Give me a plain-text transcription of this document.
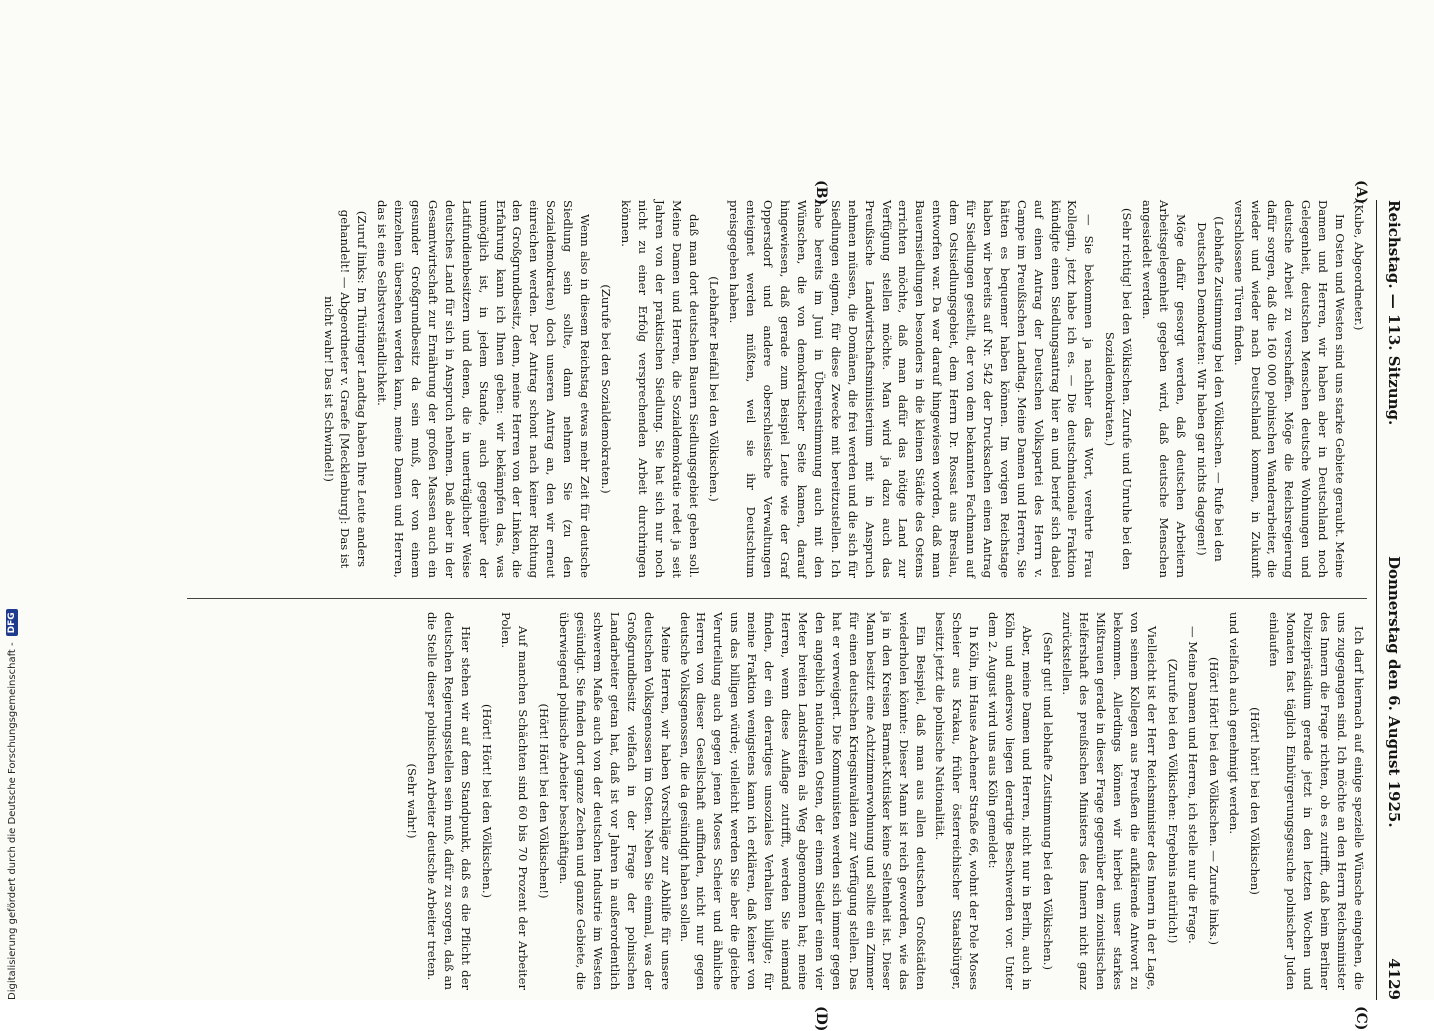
Reichstag. — 113. Sitzung.
Donnerstag den 6. August 1925.
4129
(A)
(B)
(C)
(D)

(Kube, Abgeordneter.)

Im Osten und Westen sind uns starke Gebiete geraubt. Meine Damen und Herren, wir haben aber in Deutschland noch Gelegenheit, deutschen Menschen deutsche Wohnungen und deutsche Arbeit zu verschaffen. Möge die Reichsregierung dafür sorgen, daß die 160 000 polnischen Wanderarbeiter, die wieder und wieder nach Deutschland kommen, in Zukunft verschlossene Türen finden.

(Lebhafte Zustimmung bei den Völkischen. — Rufe bei den Deutschen Demokraten: Wir haben gar nichts dagegen!)

Möge dafür gesorgt werden, daß deutschen Arbeitern Arbeitsgelegenheit gegeben wird, daß deutsche Menschen angesiedelt werden.

(Sehr richtig! bei den Völkischen. Zurufe und Unruhe bei den Sozialdemokraten.)

— Sie bekommen ja nachher das Wort, verehrte Frau Kollegin, jetzt habe ich es. — Die deutschnationale Fraktion kündigte einen Siedlungsantrag hier an und berief sich dabei auf einen Antrag der Deutschen Volkspartei des Herrn v. Campe im Preußischen Landtag. Meine Damen und Herren, Sie hätten es bequemer haben können. Im vorigen Reichstage haben wir bereits auf Nr. 542 der Drucksachen einen Antrag für Siedlungen gestellt, der von dem bekannten Fachmann auf dem Ostsiedlungsgebiet, dem Herrn Dr. Rossat aus Breslau, entworfen war. Da war darauf hingewiesen worden, daß man Bauernsiedlungen besonders in die kleinen Städte des Ostens errichten möchte, daß man dafür das nötige Land zur Verfügung stellen möchte. Man wird ja dazu auch das Preußische Landwirtschaftsministerium mit in Anspruch nehmen müssen, die Domänen, die frei werden und die sich für Siedlungen eignen, für diese Zwecke mit bereitzustellen. Ich habe bereits im Juni in Übereinstimmung auch mit den Wünschen, die von demokratischer Seite kamen, darauf hingewiesen, daß gerade zum Beispiel Leute wie der Graf Oppersdorf und andere oberschlesische Verwaltungen enteignet werden müßten, weil sie ihr Deutschtum preisgegeben haben.

(Lebhafter Beifall bei den Völkischen.)

daß man dort deutschen Bauern Siedlungsgebiet geben soll. Meine Damen und Herren, die Sozialdemokratie redet ja seit Jahren von der praktischen Siedlung. Sie hat sich nur noch nicht zu einer Erfolg versprechenden Arbeit durchringen können.

(Zurufe bei den Sozialdemokraten.)

Wenn also in diesem Reichstag etwas mehr Zeit für deutsche Siedlung sein sollte, dann nehmen Sie (zu den Sozialdemokraten) doch unseren Antrag an, den wir erneut einreichen werden. Der Antrag schont nach keiner Richtung den Großgrundbesitz, denn, meine Herren von der Linken, die Erfahrung kann ich Ihnen geben: wir bekämpfen das, was unmöglich ist, in jedem Stande, auch gegenüber der Latifundienbesitzern und denen, die in unerträglicher Weise deutsches Land für sich in Anspruch nehmen. Daß aber in der Gesamtwirtschaft zur Ernährung der großen Massen auch ein gesunder Großgrundbesitz da sein muß, der von einem einzelnen übersehen werden kann, meine Damen und Herren, das ist eine Selbstverständlichkeit.

(Zuruf links: Im Thüringer Landtag haben Ihre Leute anders gehandelt! — Abgeordneter v. Graefe [Mecklenburg]: Das ist nicht wahr! Das ist Schwindel!)

Ich darf hiernach auf einige spezielle Wünsche eingehen, die uns zugegangen sind. Ich möchte an den Herrn Reichsminister des Innern die Frage richten, ob es zutrifft, daß beim Berliner Polizeipräsidium gerade jetzt in den letzten Wochen und Monaten fast täglich Einbürgerungsgesuche polnischer Juden einlaufen

(Hört! hört! bei den Völkischen)

und vielfach auch genehmigt werden.

(Hört! Hört! bei den Völkischen. — Zurufe links.)

— Meine Damen und Herren, ich stelle nur die Frage.

(Zurufe bei den Völkischen: Ergebnis natürlich!)

Vielleicht ist der Herr Reichsminister des Innern in der Lage, von seinem Kollegen aus Preußen die aufklärende Antwort zu bekommen. Allerdings können wir hierbei unser starkes Mißtrauen gerade in dieser Frage gegenüber dem zionistischen Helfershaft des preußischen Ministers des Innern nicht ganz zurückstellen.

(Sehr gut! und lebhafte Zustimmung bei den Völkischen.)

Aber, meine Damen und Herren, nicht nur in Berlin, auch in Köln und anderswo liegen derartige Beschwerden vor. Unter dem 2. August wird uns aus Köln gemeldet:

In Köln, im Hause Aachener Straße 66, wohnt der Pole Moses Scheier aus Krakau, früher österreichischer Staatsbürger, besitzt jetzt die polnische Nationalität.

Ein Beispiel, daß man aus allen deutschen Großstädten wiederholen könnte: Dieser Mann ist reich geworden, wie das ja in den Kreisen Barmat-Kutisker keine Seltenheit ist. Dieser Mann besitzt eine Achtzimmerwohnung und sollte ein Zimmer für einen deutschen Kriegsinvaliden zur Verfügung stellen. Das hat er verweigert. Die Kommunisten werden sich immer gegen den angeblich nationalen Osten, der einem Siedler einen vier Meter breiten Landstreifen als Weg abgenommen hat; meine Herren, wenn diese Auflage zutrifft, werden Sie niemand finden, der ein derartiges unsoziales Verhalten billigte; für meine Fraktion wenigstens kann ich erklären, daß keiner von uns das billigen würde; vielleicht werden Sie aber die gleiche Verurteilung auch gegen jenen Moses Scheier und ähnliche Herren von dieser Gesellschaft auffinden, nicht nur gegen deutsche Volksgenossen, die da gesündigt haben sollen.

Meine Herren, wir haben Vorschläge zur Abhilfe für unsere deutschen Volksgenossen im Osten. Neben Sie einmal, was der Großgrundbesitz vielfach in der Frage der polnischen Landarbeiter getan hat, daß ist vor Jahren in außerordentlich schwerem Maße auch von der deutschen Industrie im Westen gesündigt. Sie finden dort ganze Zechen und ganze Gebiete, die überwiegend polnische Arbeiter beschäftigen.

(Hört! Hört! bei den Völkischen!)

Auf manchen Schächten sind 60 bis 70 Prozent der Arbeiter Polen.

(Hört! Hört! bei den Völkischen.)

Hier stehen wir auf dem Standpunkt, daß es die Pflicht der deutschen Regierungsstellen sein muß, dafür zu sorgen, daß an die Stelle dieser polnischen Arbeiter deutsche Arbeiter treten.

(Sehr wahr!)

Digitalisierung gefördert durch die Deutsche Forschungsgemeinschaft -
DFG
